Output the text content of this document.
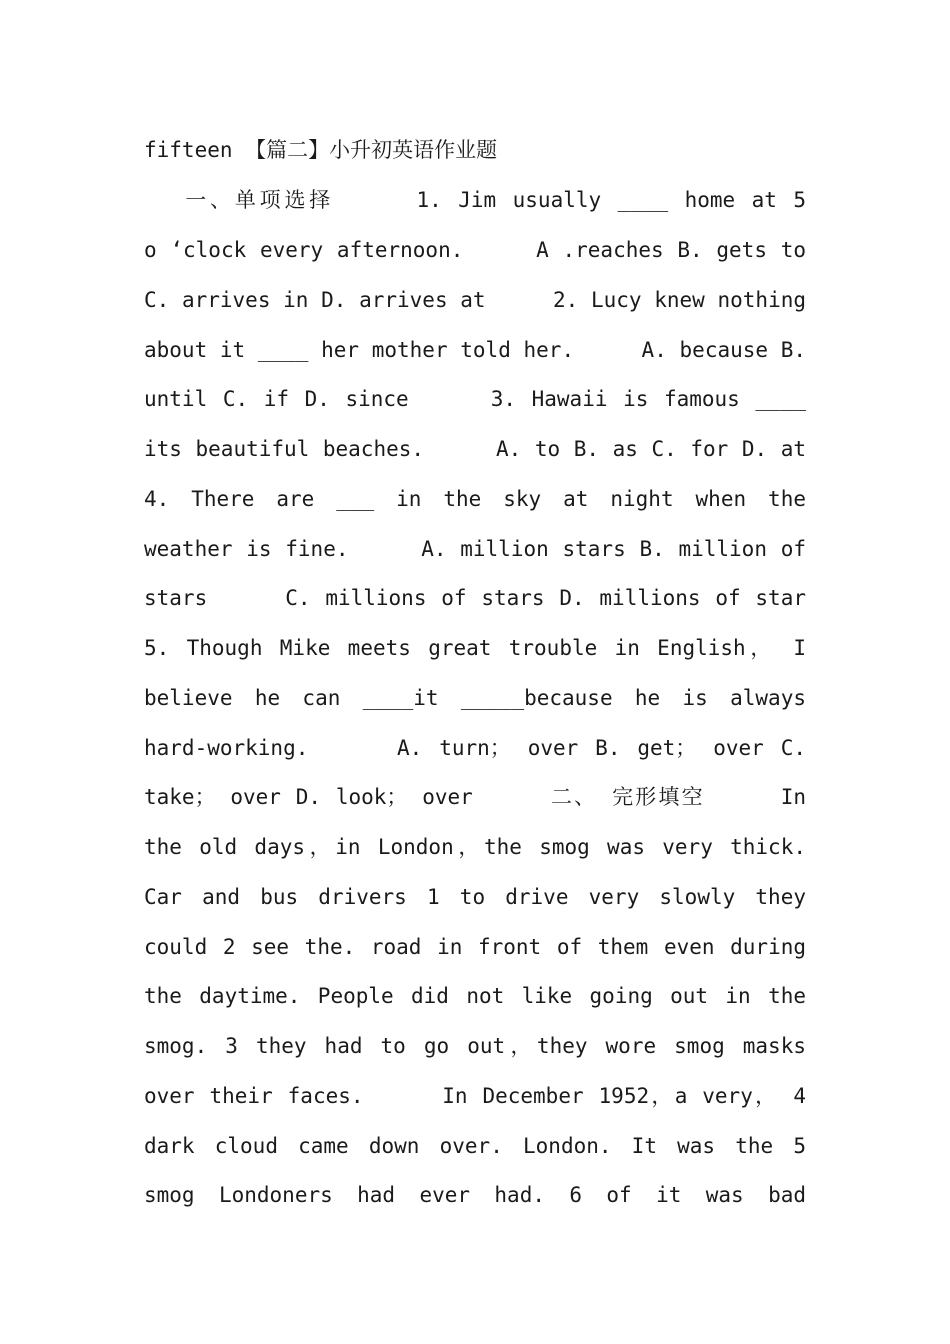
fifteen 【篇二】小升初英语作业题
　 一、单项选择　 　 1. Jim usually ____ home at 5
o ‘clock every afternoon.　 　 A .reaches B. gets to
C. arrives in D. arrives at　 　 2. Lucy knew nothing
about it ____ her mother told her.　 　 A. because B.
until C. if D. since　 　 3. Hawaii is famous ____
its beautiful beaches.　 　 A. to B. as C. for D. at
4. There are ___ in the sky at night when the
weather is fine.　 　 A. million stars B. million of
stars　 　 C. millions of stars D. millions of star
5. Though Mike meets great trouble in English， I
believe he can ____it _____because he is always
hard-working.　 　 A. turn； over B. get； over C.
take； over D. look； over　 　 二、 完形填空　 　 In
the old days，in London，the smog was very thick.
Car and bus drivers 1 to drive very slowly they
could 2 see the. road in front of them even during
the daytime. People did not like going out in the
smog. 3 they had to go out，they wore smog masks
over their faces.　 　 In December 1952，a very， 4
dark cloud came down over. London. It was the 5
smog Londoners had ever had. 6 of it was bad
